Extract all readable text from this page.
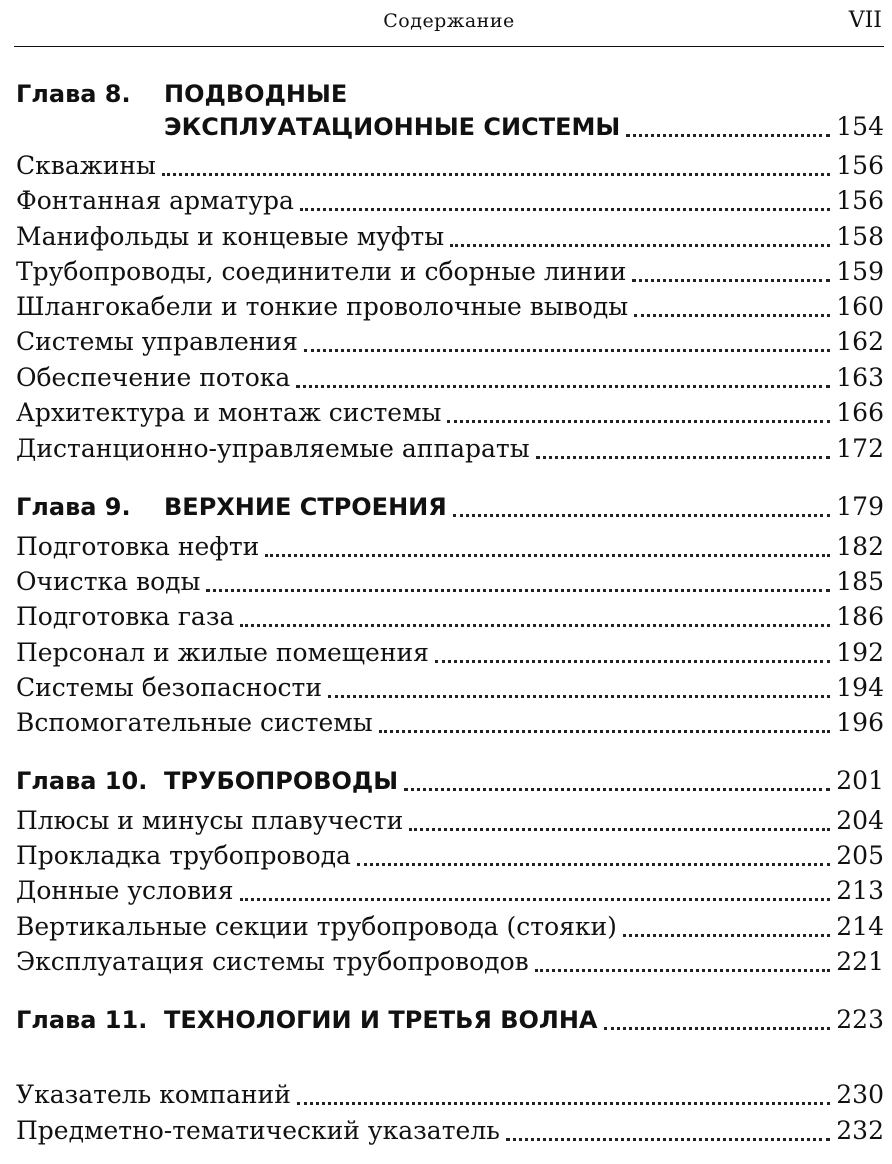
Содержание	VII
Глава 8. ПОДВОДНЫЕ
ЭКСПЛУАТАЦИОННЫЕ СИСТЕМЫ	154
Скважины	156
Фонтанная арматура	156
Манифольды и концевые муфты	158
Трубопроводы, соединители и сборные линии	159
Шлангокабели и тонкие проволочные выводы	160
Системы управления	162
Обеспечение потока	163
Архитектура и монтаж системы	166
Дистанционно-управляемые аппараты	172
Глава 9.	ВЕРХНИЕ СТРОЕНИЯ	179
Подготовка нефти	182
Очистка воды	185
Подготовка газа	186
Персонал и жилые помещения	192
Системы безопасности	194
Вспомогательные системы	196
Глава 10. ТРУБОПРОВОДЫ	201
Плюсы и минусы плавучести	204
Прокладка трубопровода	205
Донные условия	213
Вертикальные секции трубопровода (стояки)	214
Эксплуатация системы трубопроводов	221
Глава 11. ТЕХНОЛОГИИ И ТРЕТЬЯ ВОЛНА	223
Указатель компаний	230
Предметно-тематический указатель	232
